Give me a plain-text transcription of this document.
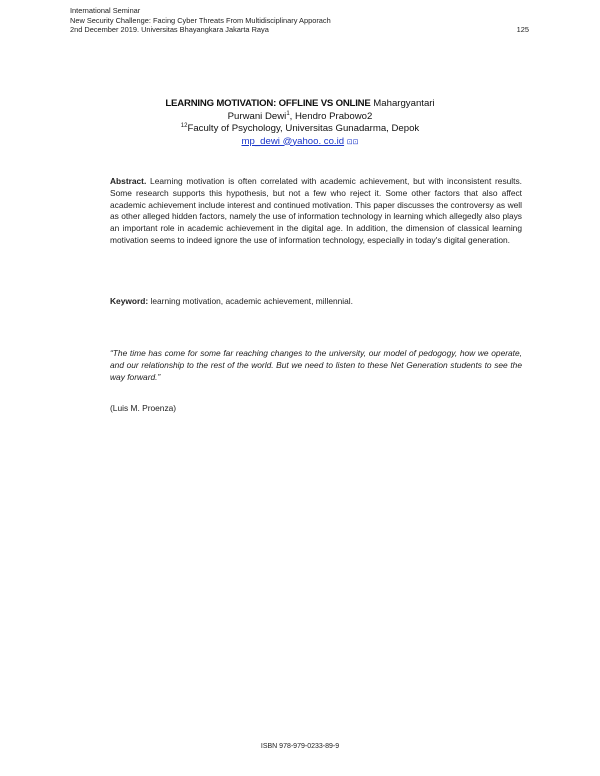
International Seminar
New Security Challenge: Facing Cyber Threats From Multidisciplinary Apporach
2nd December 2019. Universitas Bhayangkara Jakarta Raya	125
LEARNING MOTIVATION: OFFLINE VS ONLINE Mahargyantari
Purwani Dewi$^1$, Hendro Prabowo2
$^{12}$Faculty of Psychology, Universitas Gunadarma, Depok
mp_dewi @yahoo. co.id ⊡⊡
Abstract. Learning motivation is often correlated with academic achievement, but with inconsistent results. Some research supports this hypothesis, but not a few who reject it. Some other factors that also affect academic achievement include interest and continued motivation. This paper discusses the controversy as well as other alleged hidden factors, namely the use of information technology in learning which allegedly also plays an important role in academic achievement in the digital age. In addition, the dimension of classical learning motivation seems to indeed ignore the use of information technology, especially in today's digital generation.
Keyword: learning motivation, academic achievement, millennial.
“The time has come for some far reaching changes to the university, our model of pedogogy, how we operate, and our relationship to the rest of the world. But we need to listen to these Net Generation students to see the way forward.”
(Luis M. Proenza)
ISBN 978-979-0233-89-9
